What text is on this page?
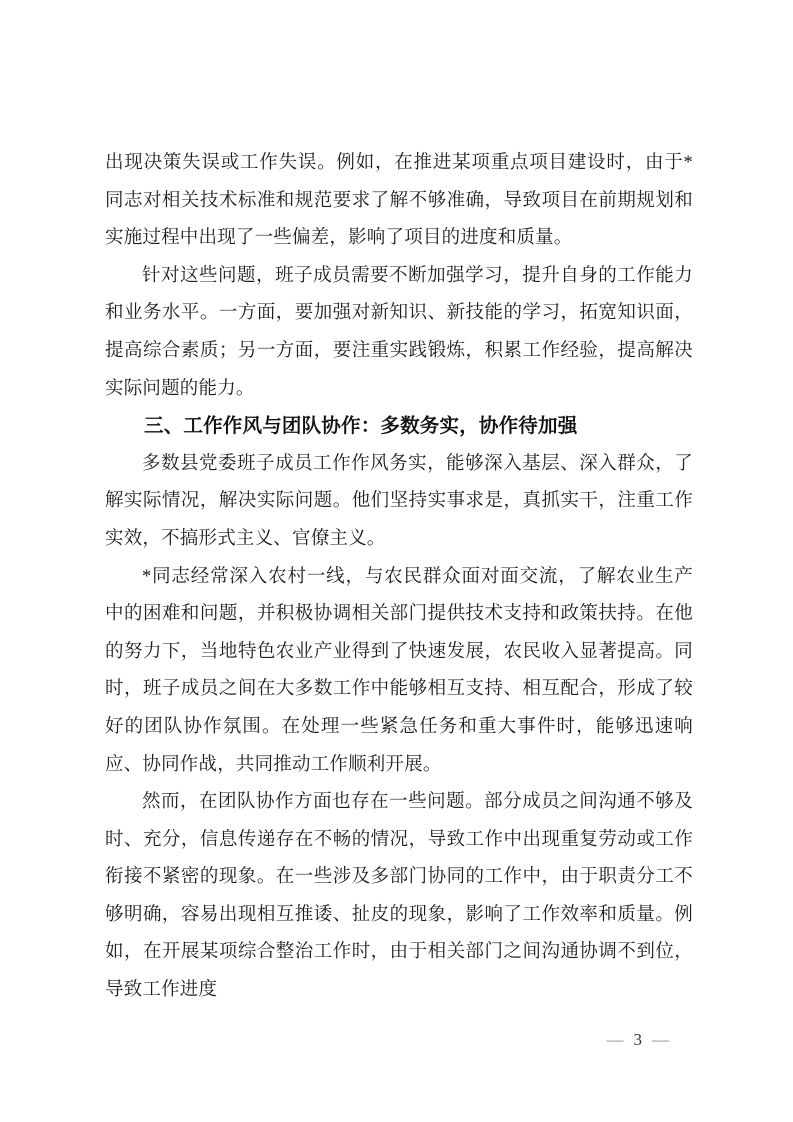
出现决策失误或工作失误。例如，在推进某项重点项目建设时，由于*同志对相关技术标准和规范要求了解不够准确，导致项目在前期规划和实施过程中出现了一些偏差，影响了项目的进度和质量。

针对这些问题，班子成员需要不断加强学习，提升自身的工作能力和业务水平。一方面，要加强对新知识、新技能的学习，拓宽知识面，提高综合素质；另一方面，要注重实践锻炼，积累工作经验，提高解决实际问题的能力。

三、工作作风与团队协作：多数务实，协作待加强

多数县党委班子成员工作作风务实，能够深入基层、深入群众，了解实际情况，解决实际问题。他们坚持实事求是，真抓实干，注重工作实效，不搞形式主义、官僚主义。

*同志经常深入农村一线，与农民群众面对面交流，了解农业生产中的困难和问题，并积极协调相关部门提供技术支持和政策扶持。在他的努力下，当地特色农业产业得到了快速发展，农民收入显著提高。同时，班子成员之间在大多数工作中能够相互支持、相互配合，形成了较好的团队协作氛围。在处理一些紧急任务和重大事件时，能够迅速响应、协同作战，共同推动工作顺利开展。

然而，在团队协作方面也存在一些问题。部分成员之间沟通不够及时、充分，信息传递存在不畅的情况，导致工作中出现重复劳动或工作衔接不紧密的现象。在一些涉及多部门协同的工作中，由于职责分工不够明确，容易出现相互推诿、扯皮的现象，影响了工作效率和质量。例如，在开展某项综合整治工作时，由于相关部门之间沟通协调不到位，导致工作进度

— 3 —
